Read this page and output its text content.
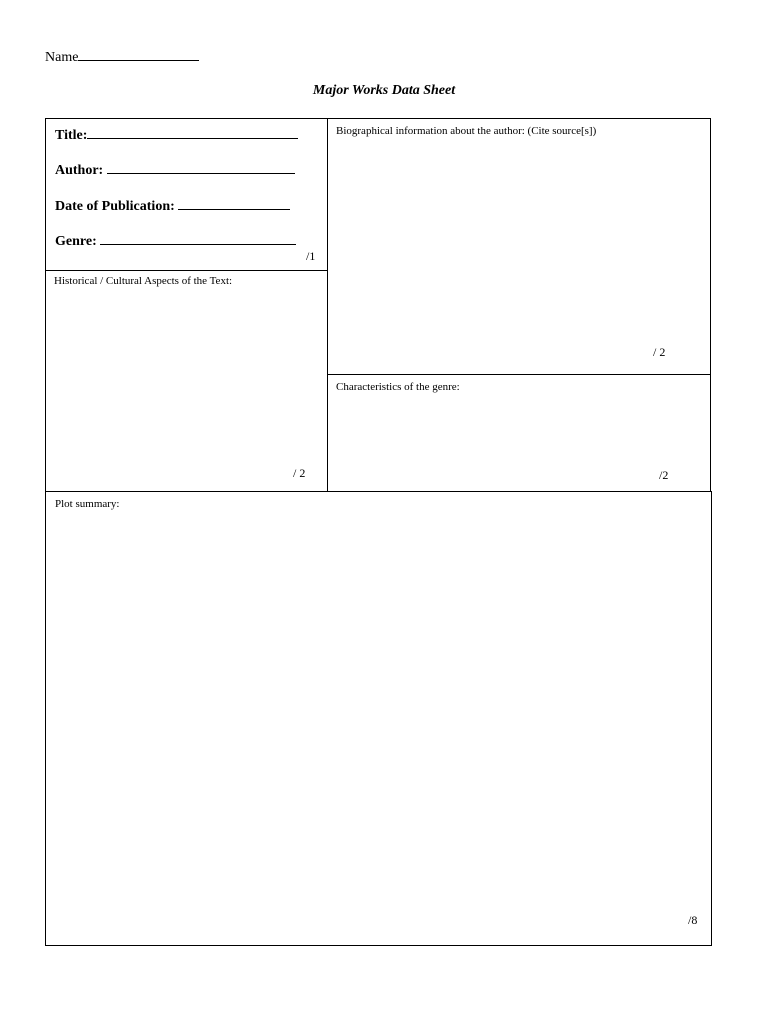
Name
Major Works Data Sheet
Title:
Author:
Date of Publication:
Genre:
/1
Biographical information about the author: (Cite source[s])
/ 2
Historical / Cultural Aspects of the Text:
/ 2
Characteristics of the genre:
/2
Plot summary:
/8
